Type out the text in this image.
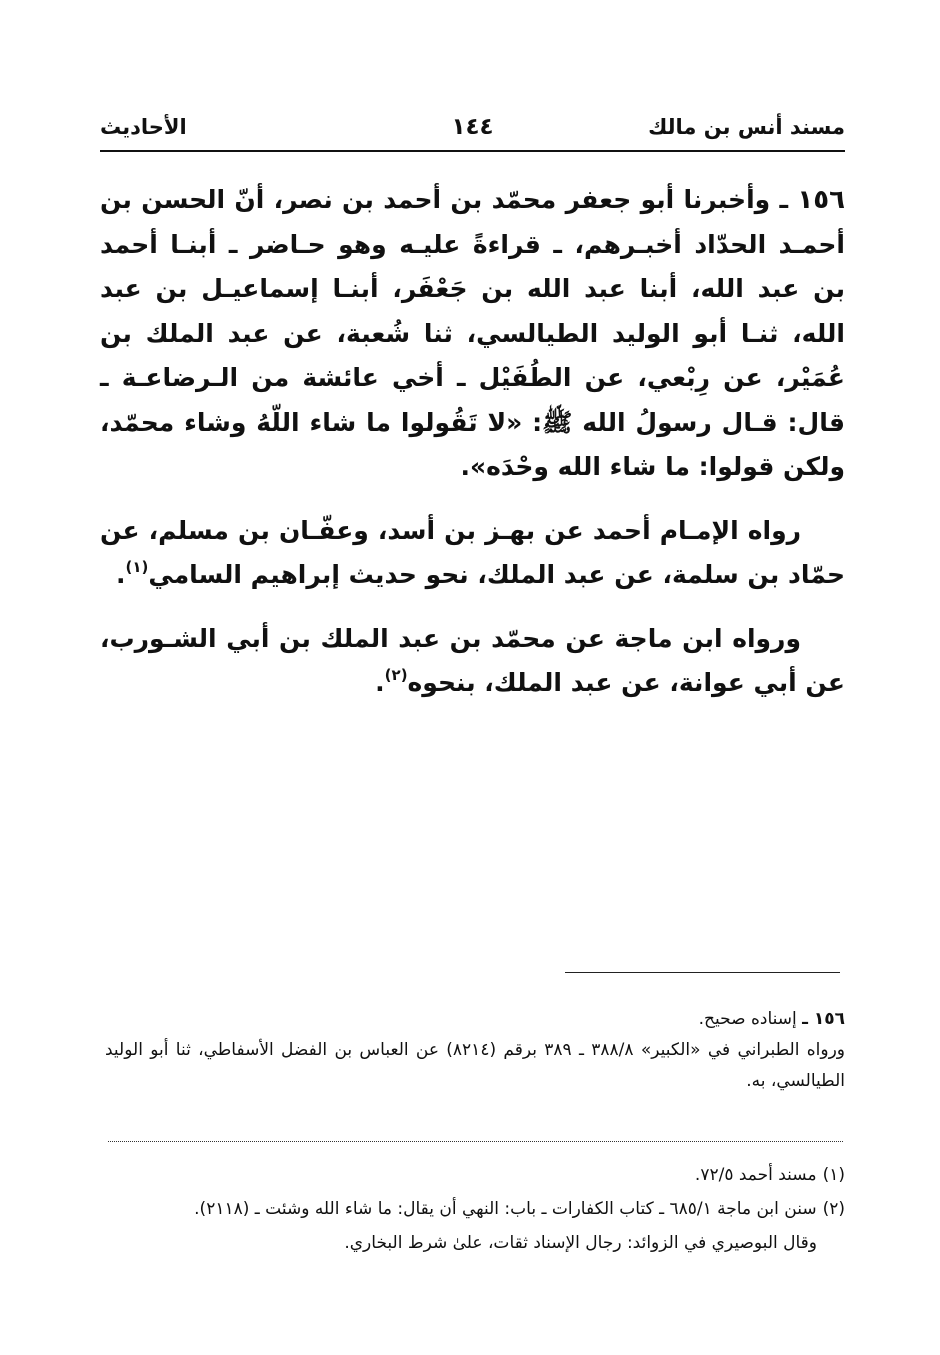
مسند أنس بن مالك
١٤٤
الأحاديث

١٥٦ ـ وأخبرنا أبو جعفر محمّد بن أحمد بن نصر، أنّ الحسن بن أحمـد الحدّاد أخبـرهم، ـ قراءةً عليـه وهو حـاضر ـ أبنـا أحمد بن عبد الله، أبنا عبد الله بن جَعْفَر، أبنـا إسماعيـل بن عبد الله، ثنـا أبو الوليد الطيالسي، ثنا شُعبة، عن عبد الملك بن عُمَيْر، عن رِبْعي، عن الطُفَيْل ـ أخي عائشة من الـرضاعـة ـ قال: قـال رسولُ الله ﷺ: «لا تَقُولوا ما شاء اللّهُ وشاء محمّد، ولكن قولوا: ما شاء الله وحْدَه».

رواه الإمـام أحمد عن بهـز بن أسد، وعفّـان بن مسلم، عن حمّاد بن سلمة، عن عبد الملك، نحو حديث إبراهيم السامي$^{(١)}$.

ورواه ابن ماجة عن محمّد بن عبد الملك بن أبي الشـورب، عن أبي عوانة، عن عبد الملك، بنحوه$^{(٢)}$.

١٥٦ ـ إسناده صحيح.

ورواه الطبراني في «الكبير» ٣٨٨/٨ ـ ٣٨٩ برقم (٨٢١٤) عن العباس بن الفضل الأسفاطي، ثنا أبو الوليد الطيالسي، به.

(١)مسند أحمد ٧٢/٥.

(٢)سنن ابن ماجة ٦٨٥/١ ـ كتاب الكفارات ـ باب: النهي أن يقال: ما شاء الله وشئت ـ (٢١١٨).

وقال البوصيري في الزوائد: رجال الإسناد ثقات، علىٰ شرط البخاري.
